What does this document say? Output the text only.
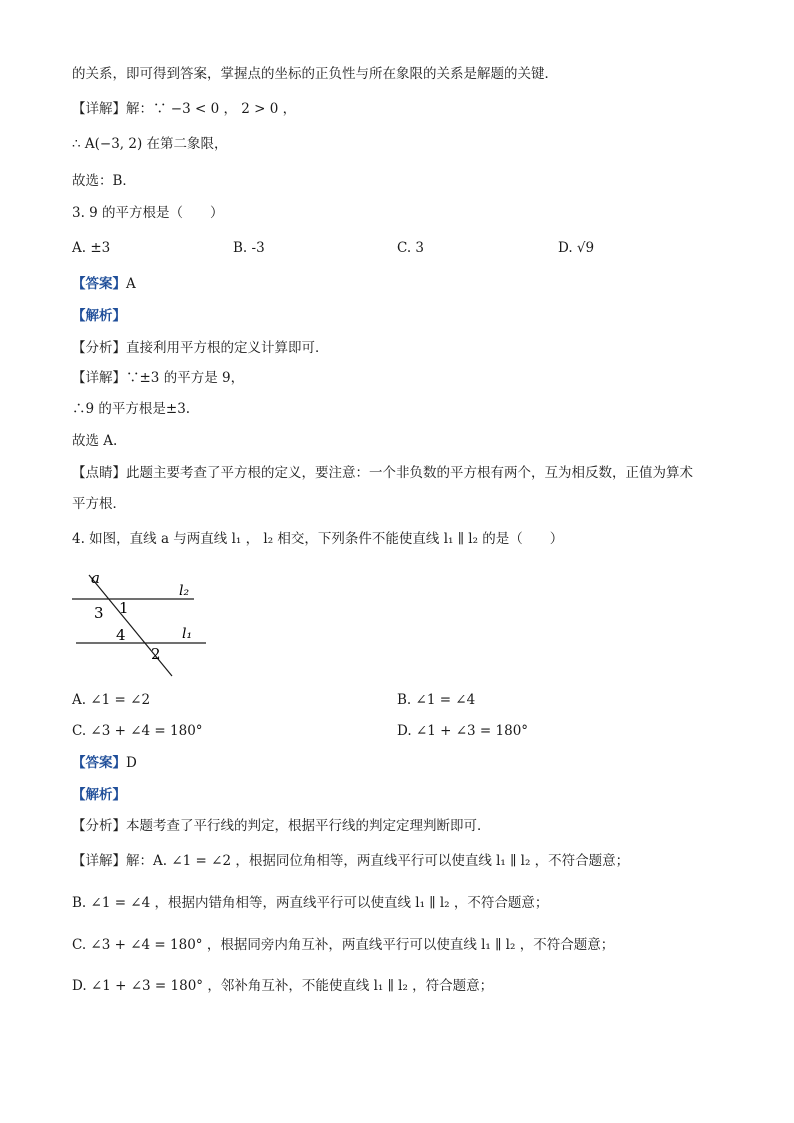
的关系，即可得到答案，掌握点的坐标的正负性与所在象限的关系是解题的关键．
【详解】解：∵ −3 < 0 ， 2 > 0 ，
∴ A(−3, 2) 在第二象限，
故选：B．
3. 9 的平方根是（　　）
A. ±3	B. -3	C. 3	D. √9
【答案】A
【解析】
【分析】直接利用平方根的定义计算即可．
【详解】∵±3 的平方是 9，
∴9 的平方根是±3.
故选 A.
【点睛】此题主要考查了平方根的定义，要注意：一个非负数的平方根有两个，互为相反数，正值为算术
平方根．
4. 如图，直线 a 与两直线 l₁ ， l₂ 相交，下列条件不能使直线 l₁ ∥ l₂ 的是（　　）
a
l₂
3 1
4	l₁
2
A. ∠1 = ∠2	B. ∠1 = ∠4
C. ∠3 + ∠4 = 180°	D. ∠1 + ∠3 = 180°
【答案】D
【解析】
【分析】本题考查了平行线的判定，根据平行线的判定定理判断即可．
【详解】解：A. ∠1 = ∠2 ，根据同位角相等，两直线平行可以使直线 l₁ ∥ l₂ ，不符合题意；
B. ∠1 = ∠4 ，根据内错角相等，两直线平行可以使直线 l₁ ∥ l₂ ，不符合题意；
C. ∠3 + ∠4 = 180° ，根据同旁内角互补，两直线平行可以使直线 l₁ ∥ l₂ ，不符合题意；
D. ∠1 + ∠3 = 180° ，邻补角互补，不能使直线 l₁ ∥ l₂ ，符合题意；
